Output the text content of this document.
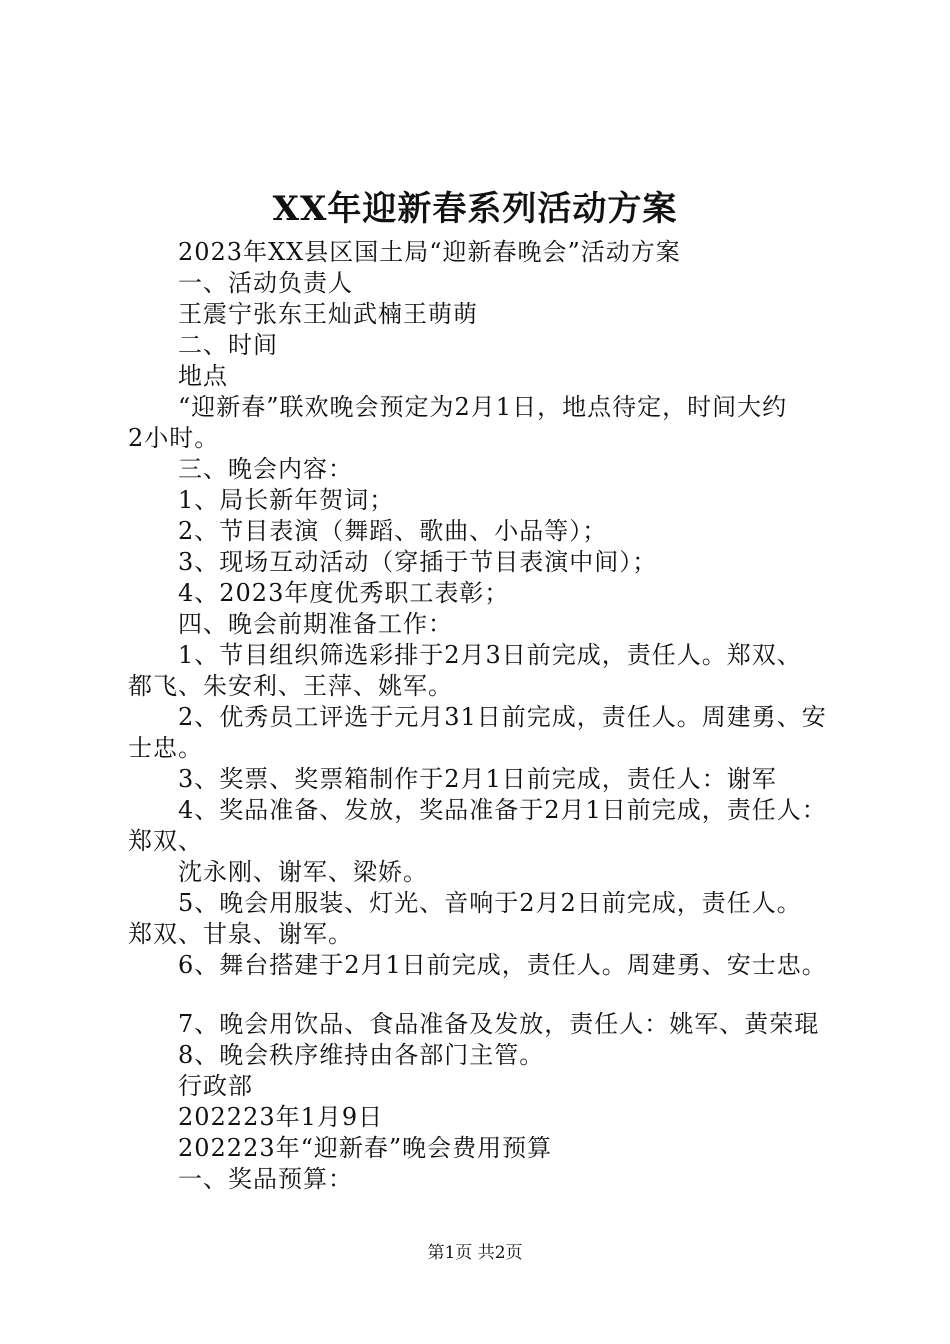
XX年迎新春系列活动方案
2023年XX县区国土局“迎新春晚会”活动方案
一、活动负责人
王震宁张东王灿武楠王萌萌
二、时间
地点
“迎新春”联欢晚会预定为2月1日，地点待定，时间大约
2小时。
三、晚会内容：
1、局长新年贺词；
2、节目表演（舞蹈、歌曲、小品等）；
3、现场互动活动（穿插于节目表演中间）；
4、2023年度优秀职工表彰；
四、晚会前期准备工作：
1、节目组织筛选彩排于2月3日前完成，责任人。郑双、
都飞、朱安利、王萍、姚军。
2、优秀员工评选于元月31日前完成，责任人。周建勇、安
士忠。
3、奖票、奖票箱制作于2月1日前完成，责任人：谢军
4、奖品准备、发放，奖品准备于2月1日前完成，责任人：
郑双、
沈永刚、谢军、梁娇。
5、晚会用服装、灯光、音响于2月2日前完成，责任人。
郑双、甘泉、谢军。
6、舞台搭建于2月1日前完成，责任人。周建勇、安士忠。
7、晚会用饮品、食品准备及发放，责任人：姚军、黄荣琨
8、晚会秩序维持由各部门主管。
行政部
202223年1月9日
202223年“迎新春”晚会费用预算
一、奖品预算：
第1页 共2页
